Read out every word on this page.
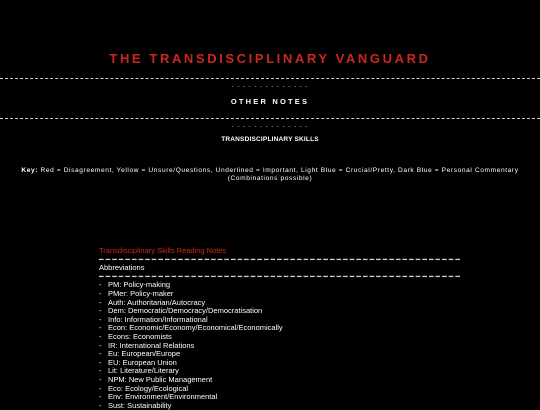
THE TRANSDISCIPLINARY VANGUARD
- - - - - - - - - - - - - -
OTHER NOTES
- - - - - - - - - - - - - -
TRANSDISCIPLINARY SKILLS
Key: Red = Disagreement, Yellow = Unsure/Questions, Underlined = Important, Light Blue = Crucial/Pretty, Dark Blue = Personal Commentary (Combinations possible)
Transdisciplinary Skills Reading Notes
━ ━ ━ ━ ━ ━ ━ ━ ━ ━ ━ ━ ━ ━ ━ ━ ━ ━ ━ ━ ━ ━ ━ ━ ━ ━ ━ ━ ━ ━ ━ ━ ━ ━ ━ ━ ━ ━ ━ ━ ━ ━ ━ ━ ━ ━ ━ ━ ━ ━ ━ ━ ━ ━ ━
Abbreviations
━ ━ ━ ━ ━ ━ ━ ━ ━ ━ ━ ━ ━ ━ ━ ━ ━ ━ ━ ━ ━ ━ ━ ━ ━ ━ ━ ━ ━ ━ ━ ━ ━ ━ ━ ━ ━ ━ ━ ━ ━ ━ ━ ━ ━ ━ ━ ━ ━ ━ ━ ━ ━ ━ ━
- PM: Policy-making
- PMer: Policy-maker
- Auth: Authoritarian/Autocracy
- Dem: Democratic/Democracy/Democratisation
- Info: Information/Informational
- Econ: Economic/Economy/Economical/Economically
- Econs: Economists
- IR: International Relations
- Eu: European/Europe
- EU: European Union
- Lit: Literature/Literary
- NPM: New Public Management
- Eco: Ecology/Ecological
- Env: Environment/Environmental
- Sust: Sustainability
